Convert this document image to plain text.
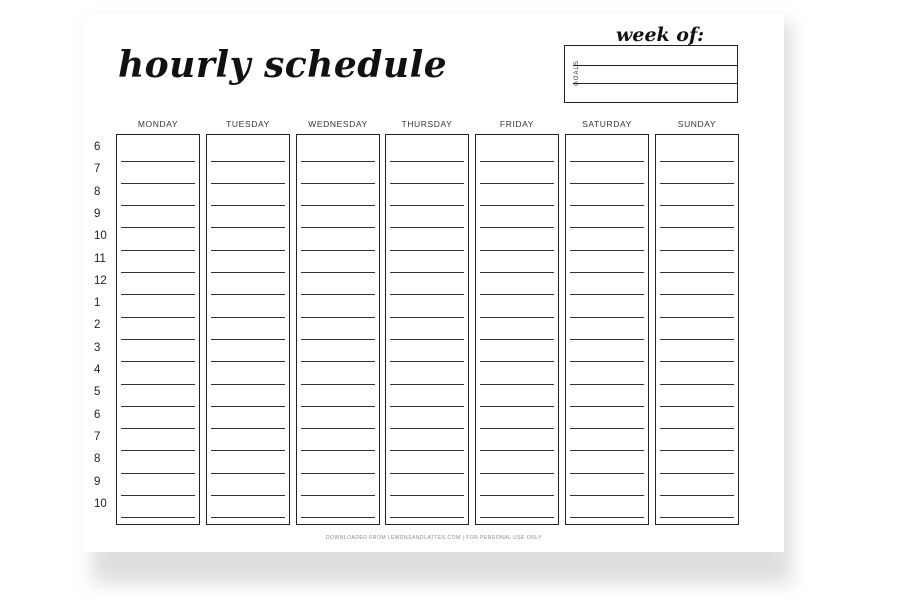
hourly schedule
week of:
GOALS
MONDAY	TUESDAY	WEDNESDAY	THURSDAY	FRIDAY	SATURDAY	SUNDAY
6
7
8
9
10
11
12
1
2
3
4
5
6
7
8
9
10
DOWNLOADED FROM LEMONSANDLATTES.COM | FOR PERSONAL USE ONLY
